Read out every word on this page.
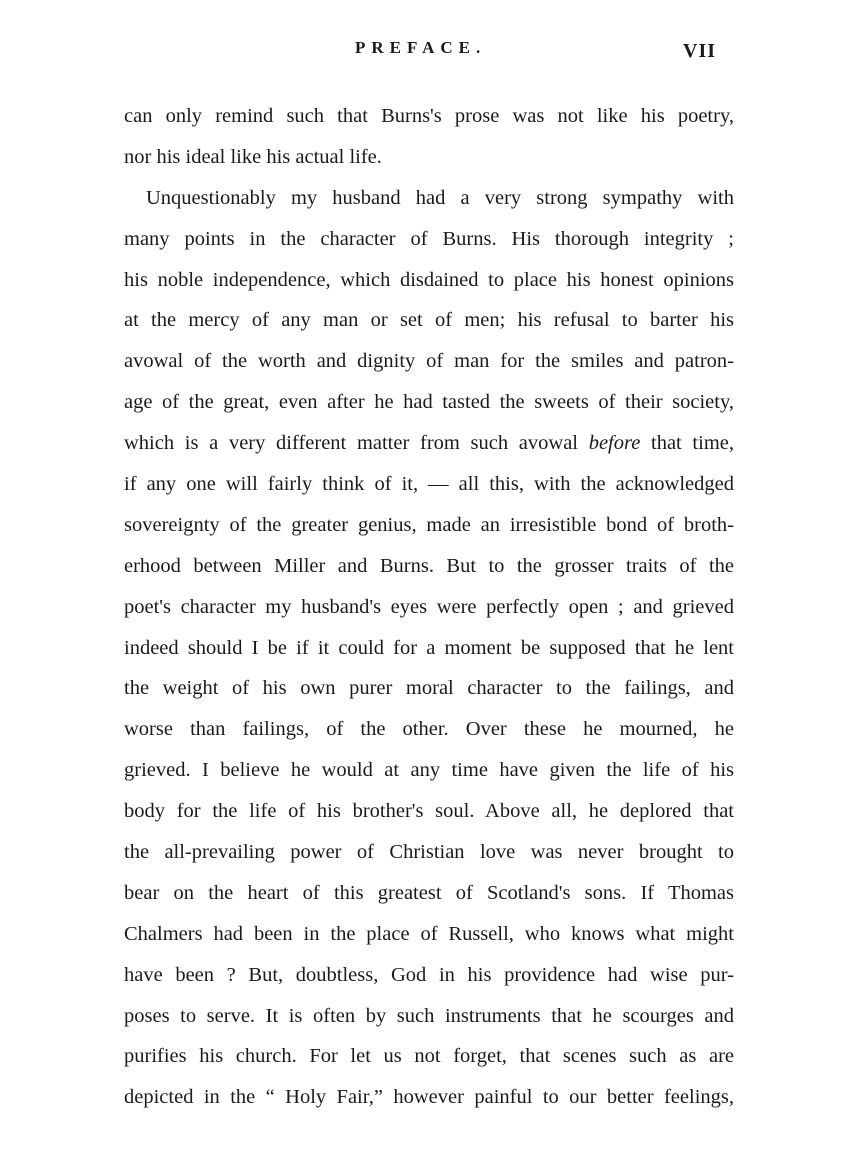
PREFACE.	VII
can only remind such that Burns's prose was not like his poetry,
nor his ideal like his actual life.
Unquestionably my husband had a very strong sympathy with
many points in the character of Burns. His thorough integrity ;
his noble independence, which disdained to place his honest opinions
at the mercy of any man or set of men; his refusal to barter his
avowal of the worth and dignity of man for the smiles and patron-
age of the great, even after he had tasted the sweets of their society,
which is a very different matter from such avowal before that time,
if any one will fairly think of it, — all this, with the acknowledged
sovereignty of the greater genius, made an irresistible bond of broth-
erhood between Miller and Burns. But to the grosser traits of the
poet's character my husband's eyes were perfectly open ; and grieved
indeed should I be if it could for a moment be supposed that he lent
the weight of his own purer moral character to the failings, and
worse than failings, of the other. Over these he mourned, he
grieved. I believe he would at any time have given the life of his
body for the life of his brother's soul. Above all, he deplored that
the all-prevailing power of Christian love was never brought to
bear on the heart of this greatest of Scotland's sons. If Thomas
Chalmers had been in the place of Russell, who knows what might
have been ? But, doubtless, God in his providence had wise pur-
poses to serve. It is often by such instruments that he scourges and
purifies his church. For let us not forget, that scenes such as are
depicted in the “ Holy Fair,” however painful to our better feelings,
